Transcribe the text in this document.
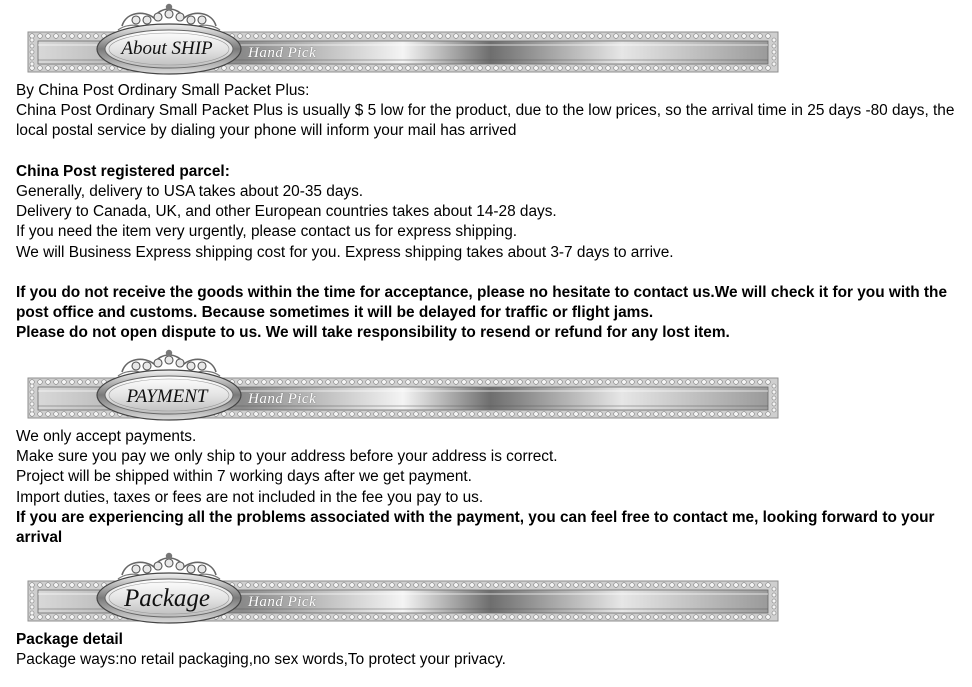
About SHIP	Hand Pick

By China Post Ordinary Small Packet Plus:

China Post Ordinary Small Packet Plus is usually $ 5 low for the product, due to the low prices, so the arrival time in 25 days -80 days, the local postal service by dialing your phone will inform your mail has arrived

China Post registered parcel:

Generally, delivery to USA takes about 20-35 days.

Delivery to Canada, UK, and other European countries takes about 14-28 days.

If you need the item very urgently, please contact us for express shipping.

We will Business Express shipping cost for you. Express shipping takes about 3-7 days to arrive.

If you do not receive the goods within the time for acceptance, please no hesitate to contact us.We will check it for you with the post office and customs. Because sometimes it will be delayed for traffic or flight jams.

Please do not open dispute to us. We will take responsibility to resend or refund for any lost item.

PAYMENT	Hand Pick

We only accept payments.

Make sure you pay we only ship to your address before your address is correct.

Project will be shipped within 7 working days after we get payment.

Import duties, taxes or fees are not included in the fee you pay to us.

If you are experiencing all the problems associated with the payment, you can feel free to contact me, looking forward to your arrival

Package	Hand Pick

Package detail

Package ways:no retail packaging,no sex words,To protect your privacy.
